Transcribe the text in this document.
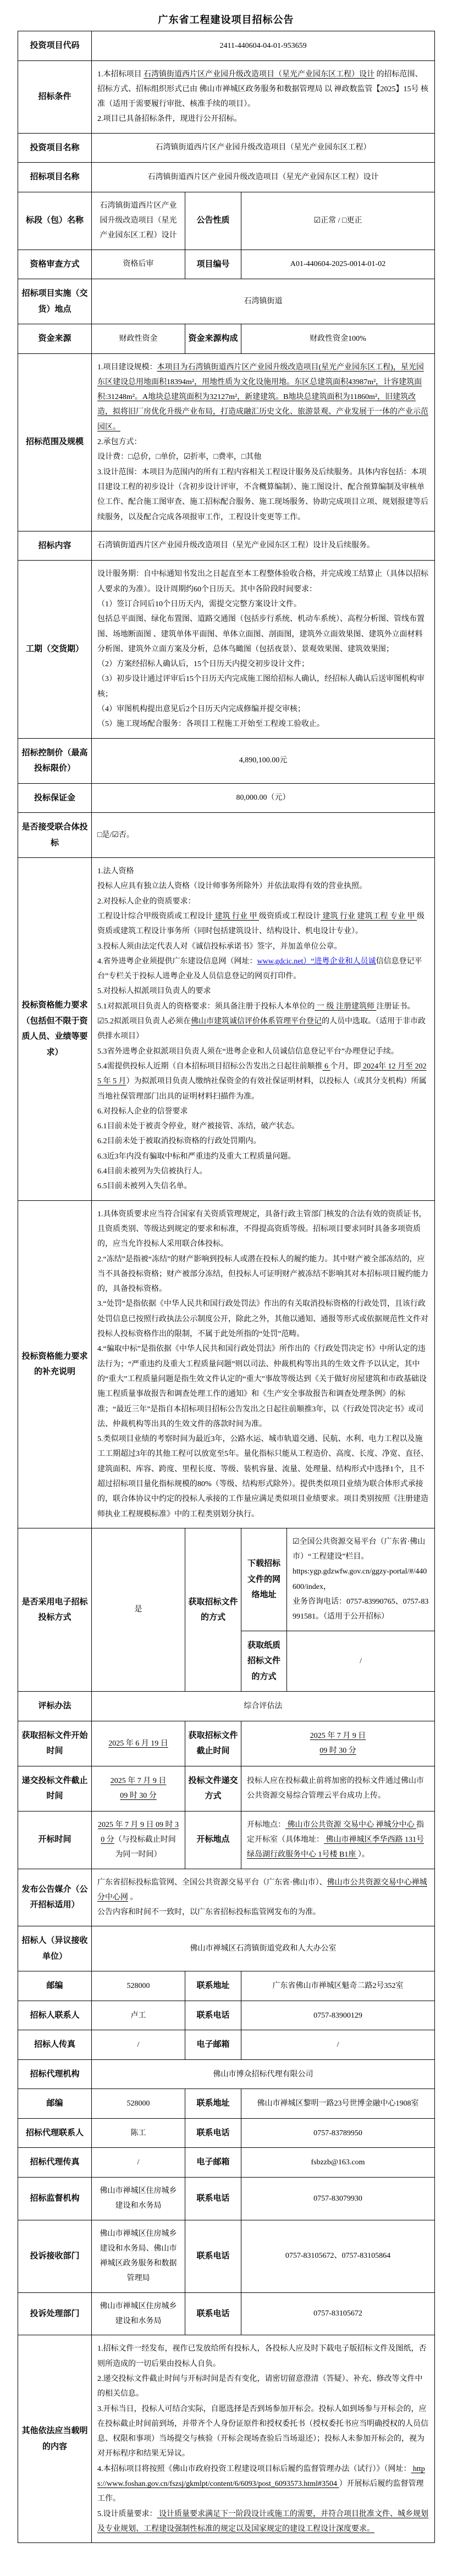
广东省工程建设项目招标公告
投资项目代码	2411-440604-04-01-953659			

招标条件	1.本招标项目 石湾镇街道西片区产业园升级改造项目（星光产业园东区工程）设计 的招标范围、招标方式、招标组织形式已由 佛山市禅城区政务服务和数据管理局 以 禅政数监管【2025】15号 核准（适用于需要履行审批、核准手续的项目）。
2.项目已具备招标条件，现进行公开招标。			

投资项目名称	石湾镇街道西片区产业园升级改造项目（星光产业园东区工程）			

招标项目名称	石湾镇街道西片区产业园升级改造项目（星光产业园东区工程）设计			

标段（包）名称	石湾镇街道西片区产业园升级改造项目（星光产业园东区工程）设计	公告性质	☑正常 / □更正	

资格审查方式	资格后审	项目编号	A01-440604-2025-0014-01-02	

招标项目实施（交货）地点	石湾镇街道			

资金来源	财政性资金	资金来源构成	财政性资金100%	

招标范围及规模	1.项目建设规模：本项目为石湾镇街道西片区产业园升级改造项目(星光产业园东区工程)，星光园东区建设总用地面积18394m²，用地性质为文化设施用地。东区总建筑面积43987m²，计容建筑面积:31248m²。A地块总建筑面积为32127m²，新建建筑。B地块总建筑面积为11860m²，旧建筑改造，拟将旧厂房优化升级产业布局，打造成融汇历史文化、旅游景观、产业发展于一体的产业示范园区。
2.承包方式：
设计费：□总价，□单价，☑折率，□费率，□其他
3.设计范围：本项目为范围内的所有工程内容相关工程设计服务及后续服务。具体内容包括：本项目建设工程的初步设计（含初步设计评审，不含概算编制）、施工图设计、配合预算编制及审核单位工作、配合施工图审查、施工招标配合服务、施工现场服务、协助完成项目立项、规划报建等后续服务，以及配合完成各项报审工作，工程设计变更等工作。			

招标内容	石湾镇街道西片区产业园升级改造项目（星光产业园东区工程）设计及后续服务。			

工期（交货期）

设计服务期：自中标通知书发出之日起直至本工程整体验收合格，并完成竣工结算止（具体以招标人要求的为准）。设计周期约60个日历天。其中各阶段时间要求：
（1）签订合同后10个日历天内，需提交完整方案设计文件。
包括总平面图、绿化布置图、道路交通图（包括步行系统、机动车系统）、高程分析图、管线布置图、场地断面图 、建筑单体平面图、单体立面图、剖面图，建筑外立面效果图、建筑外立面材料分析图、建筑外立面方案及分析，总体鸟瞰图（包括夜景）、景观效果图、建筑效果图；
（2）方案经招标人确认后，15个日历天内提交初步设计文件；
（3）初步设计通过评审后15个日历天内完成施工图给招标人确认，经招标人确认后送审图机构审核；
（4）审图机构提出意见后2个日历天内完成修编并提交审核；
（5）施工现场配合服务：各项目工程施工开始至工程竣工验收止。

招标控制价（最高投标限价）	4,890,100.00元			

投标保证金	80,000.00（元）			

是否接受联合体投标	□是/☑否。			

投标资格能力要求（包括但不限于资质人员、业绩等要求）

1.法人资格
投标人应具有独立法人资格（设计师事务所除外）并依法取得有效的营业执照。
2.对投标人企业的资质要求：
工程设计综合甲级资质或工程设计 建筑 行业 甲 级资质或工程设计 建筑 行业 建筑工程 专业 甲 级资质或建筑工程设计事务所（同时包括建筑设计、结构设计、机电设计专业）。
3.投标人须由法定代表人对《诚信投标承诺书》签字，并加盖单位公章。
4.省外进粤企业须提供广东建设信息网（网址：www.gdcic.net）“进粤企业和人员诚信信息登记平台”专栏关于投标人进粤企业及人员信息登记的网页打印件。
5.对投标人拟派项目负责人的要求
5.1对拟派项目负责人的资格要求：须具备注册于投标人本单位的 一 级 注册建筑师 注册证书。
☑5.2拟派项目负责人必须在佛山市建筑诚信评价体系管理平台登记的人员中选取。（适用于非市政供排水项目）
5.3省外进粤企业拟派项目负责人须在“进粤企业和人员诚信信息登记平台”办理登记手续。
5.4需提供投标人近期（自本招标项目招标公告发出之日起往前顺推 6 个月，即 2024年 12 月至 2025 年 5 月）为拟派项目负责人缴纳社保资金的有效社保证明材料，以投标人（或其分支机构）所属当地社保管理部门出具的证明材料扫描件为准。
6.对投标人企业的信誉要求
6.1目前未处于被责令停业，财产被接管、冻结，破产状态。
6.2目前未处于被取消投标资格的行政处罚期内。
6.3近3年内没有骗取中标和严重违约及重大工程质量问题。
6.4目前未被列为失信被执行人。
6.5目前未被列入失信名单。

投标资格能力要求的补充说明	1.具体资质要求应当符合国家有关资质管理规定，具备行政主管部门核发的合法有效的资质证书，且资质类别、等级达到规定的要求和标准，不得提高资质等级。招标项目要求同时具备多项资质的，应当允许投标人采用联合体投标。
2.“冻结”是指被“冻结”的财产影响到投标人或潜在投标人的履约能力。其中财产被全部冻结的，应当不具备投标资格；财产被部分冻结，但投标人可证明财产被冻结不影响其对本招标项目履约能力的，具备投标资格。
3.“处罚”是指依据《中华人民共和国行政处罚法》作出的有关取消投标资格的行政处罚，且该行政处罚信息已按照行政执法公示制度公开，除此之外，其他以通知、通报等形式或依据规范性文件对投标人投标资格作出的限制，不属于此处所指的“处罚”范畴。
4.“骗取中标”是指依据《中华人民共和国行政处罚法》所作出的《行政处罚决定书》中所认定的违法行为；“严重违约及重大工程质量问题”则以司法、仲裁机构等出具的生效文件予以认定，其中的“重大”工程质量问题是指生效文件认定的“重大”事故等级达到《关于做好房屋建筑和市政基础设施工程质量事故报告和调查处理工作的通知》和《生产安全事故报告和调查处理条例》的标准；“最近三年”是指自本招标项目招标公告发出之日起往前顺推3年，以《行政处罚决定书》或司法、仲裁机构等出具的生效文件的落款时间为准。
5.类似项目业绩的考察时间为最近3年，公路水运、城市轨道交通、民航、水利、电力工程以及施工工期超过3年的其他工程可以放宽至5年。量化指标只能从工程造价、高度、长度、净宽、直径、建筑面积、库容、跨度、里程长度、等级、装机容量、流量、处理量、结构形式中选择1个，且不超过招标项目量化指标规模的80%（等级、结构形式除外）。提供类似项目业绩为联合体形式承接的，联合体协议中约定的投标人承接的工作量应满足类似项目业绩要求。项目类别按照《注册建造师执业工程规模标准》中的工程类别划分执行。			

是否采用电子招标投标方式	是	获取招标文件的方式	下载招标文件的网络地址	☑全国公共资源交易平台（广东省·佛山市）“工程建设”栏目。
https:ygp.gdzwfw.gov.cn/ggzy-portal/#/440600/index，
业务咨询电话：0757-83990765、0757-83991581。（适用于公开招标）

			获取纸质招标文件的方式	/

评标办法	综合评估法			

获取招标文件开始时间	2025 年 6 月 19 日	获取招标文件截止时间	2025 年 7 月 9 日
09 时 30 分	

递交投标文件截止时间	2025 年 7 月 9 日
09 时 30 分	投标文件递交方式	投标人应在投标截止前将加密的投标文件通过佛山市公共资源交易综合管理云平台成功上传。	

开标时间	2025 年 7 月 9 日 09 时 30 分（与投标截止时间为同一时间）	开标地点	开标地点： 佛山市公共资源 交易中心 禅城分中心 指定开标室（具体地址： 佛山市禅城区季华西路 131号绿岛湖行政服务中心 1号楼 B1座 ）。	

发布公告媒介（公开招标适用）	广东省招标投标监管网、全国公共资源交易平台（广东省·佛山市）、佛山市公共资源交易中心禅城分中心网 。
公告内容和时间不一致时，以广东省招标投标监管网发布的为准。			

招标人（异议接收单位）	佛山市禅城区石湾镇街道党政和人大办公室			

邮编	528000	联系地址	广东省佛山市禅城区魁奇二路2号352室	

招标人联系人	卢工	联系电话	0757-83900129	

招标人传真	/	电子邮箱	/	

招标代理机构	佛山市博众招标代理有限公司			

邮编	528000	联系地址	佛山市禅城区黎明一路23号世博金融中心1908室	

招标代理联系人	陈工	联系电话	0757-83789950	

招标代理传真	/	电子邮箱	fsbzzb@163.com	

招标监督机构	佛山市禅城区住房城乡建设和水务局	联系电话	0757-83079930	

投诉接收部门	佛山市禅城区住房城乡建设和水务局、佛山市禅城区政务服务和数据管理局	联系电话	0757-83105672、0757-83105864	

投诉处理部门	佛山市禅城区住房城乡建设和水务局	联系电话	0757-83105672	

其他依法应当载明的内容	1.招标文件一经发布，视作已发放给所有投标人，各投标人应及时下载电子版招标文件及图纸，否则所造成的一切后果由投标人自负。
2.递交投标文件截止时间与开标时间是否有变化，请密切留意澄清（答疑）、补充、修改等文件中的相关信息。
3.开标当日，投标人可结合实际，自愿选择是否到场参加开标会。投标人如到场参与开标会的，应在投标截止时间前到场，并带齐个人身份证原件和授权委托书（授权委托书应当明确授权的人员信息、权限和事项）当场提交与核验（开标会现场查验后当场退还）；投标人未参加开标会的，视为对开标程序和结果无异议。
4.本招标项目将按照《佛山市政府投资工程建设项目标后履约监督管理办法（试行）》（网址： https://www.foshan.gov.cn/fszsj/gkmlpt/content/6/6093/post_6093573.html#3504 ）开展标后履约监督管理工作。
5.设计质量要求： 设计质量要求满足下一阶段设计或施工的需要，并符合项目批准文件、城乡规划及专业规划、工程建设强制性标准的规定以及国家规定的建设工程设计深度要求。			
